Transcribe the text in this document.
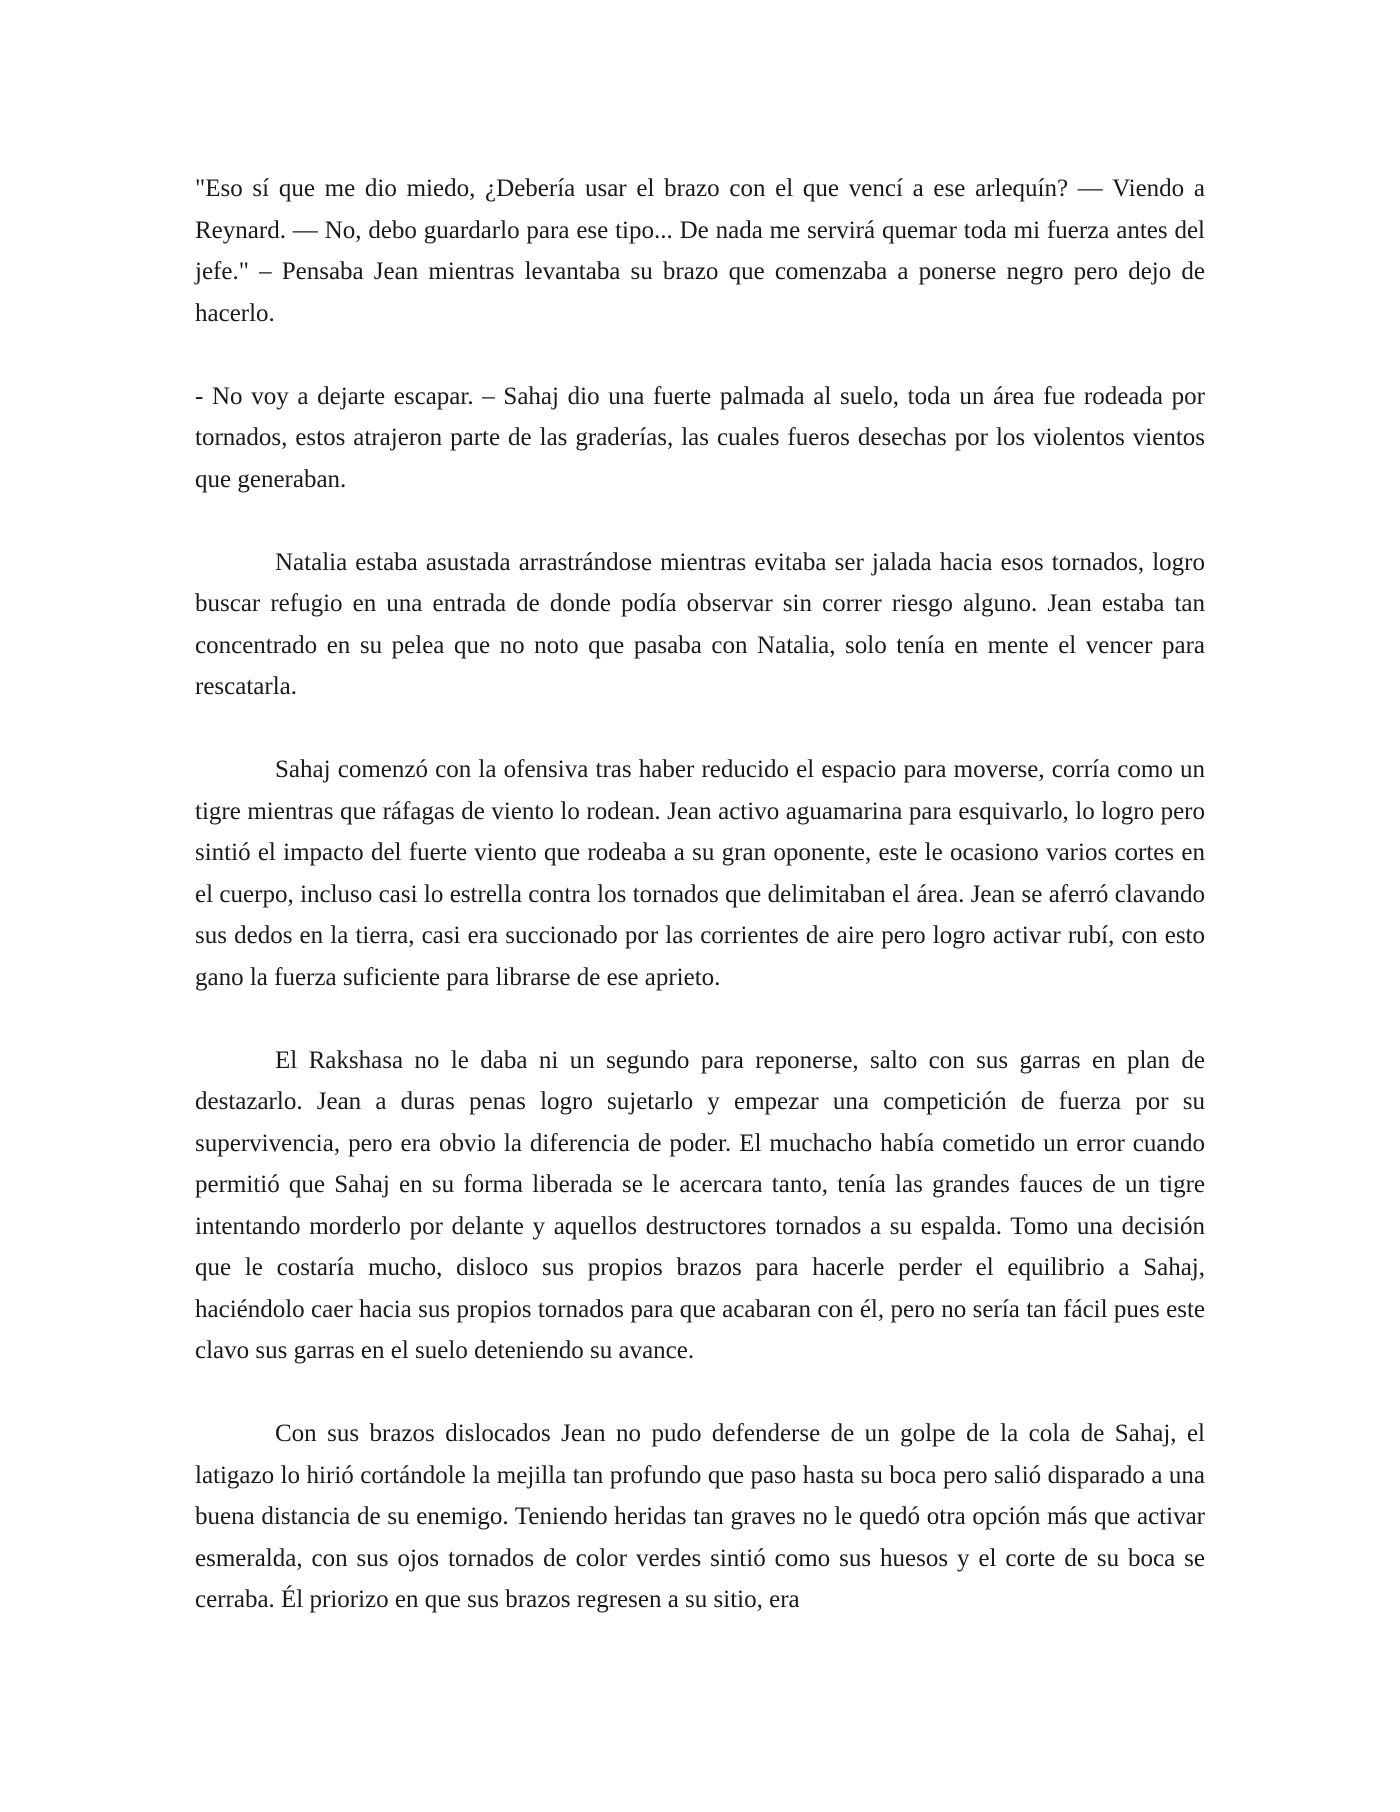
"Eso sí que me dio miedo, ¿Debería usar el brazo con el que vencí a ese arlequín? — Viendo a Reynard. — No, debo guardarlo para ese tipo... De nada me servirá quemar toda mi fuerza antes del jefe." – Pensaba Jean mientras levantaba su brazo que comenzaba a ponerse negro pero dejo de hacerlo.

- No voy a dejarte escapar. – Sahaj dio una fuerte palmada al suelo, toda un área fue rodeada por tornados, estos atrajeron parte de las graderías, las cuales fueros desechas por los violentos vientos que generaban.

Natalia estaba asustada arrastrándose mientras evitaba ser jalada hacia esos tornados, logro buscar refugio en una entrada de donde podía observar sin correr riesgo alguno. Jean estaba tan concentrado en su pelea que no noto que pasaba con Natalia, solo tenía en mente el vencer para rescatarla.

Sahaj comenzó con la ofensiva tras haber reducido el espacio para moverse, corría como un tigre mientras que ráfagas de viento lo rodean. Jean activo aguamarina para esquivarlo, lo logro pero sintió el impacto del fuerte viento que rodeaba a su gran oponente, este le ocasiono varios cortes en el cuerpo, incluso casi lo estrella contra los tornados que delimitaban el área. Jean se aferró clavando sus dedos en la tierra, casi era succionado por las corrientes de aire pero logro activar rubí, con esto gano la fuerza suficiente para librarse de ese aprieto.

El Rakshasa no le daba ni un segundo para reponerse, salto con sus garras en plan de destazarlo. Jean a duras penas logro sujetarlo y empezar una competición de fuerza por su supervivencia, pero era obvio la diferencia de poder. El muchacho había cometido un error cuando permitió que Sahaj en su forma liberada se le acercara tanto, tenía las grandes fauces de un tigre intentando morderlo por delante y aquellos destructores tornados a su espalda. Tomo una decisión que le costaría mucho, disloco sus propios brazos para hacerle perder el equilibrio a Sahaj, haciéndolo caer hacia sus propios tornados para que acabaran con él, pero no sería tan fácil pues este clavo sus garras en el suelo deteniendo su avance.

Con sus brazos dislocados Jean no pudo defenderse de un golpe de la cola de Sahaj, el latigazo lo hirió cortándole la mejilla tan profundo que paso hasta su boca pero salió disparado a una buena distancia de su enemigo. Teniendo heridas tan graves no le quedó otra opción más que activar esmeralda, con sus ojos tornados de color verdes sintió como sus huesos y el corte de su boca se cerraba. Él priorizo en que sus brazos regresen a su sitio, era
